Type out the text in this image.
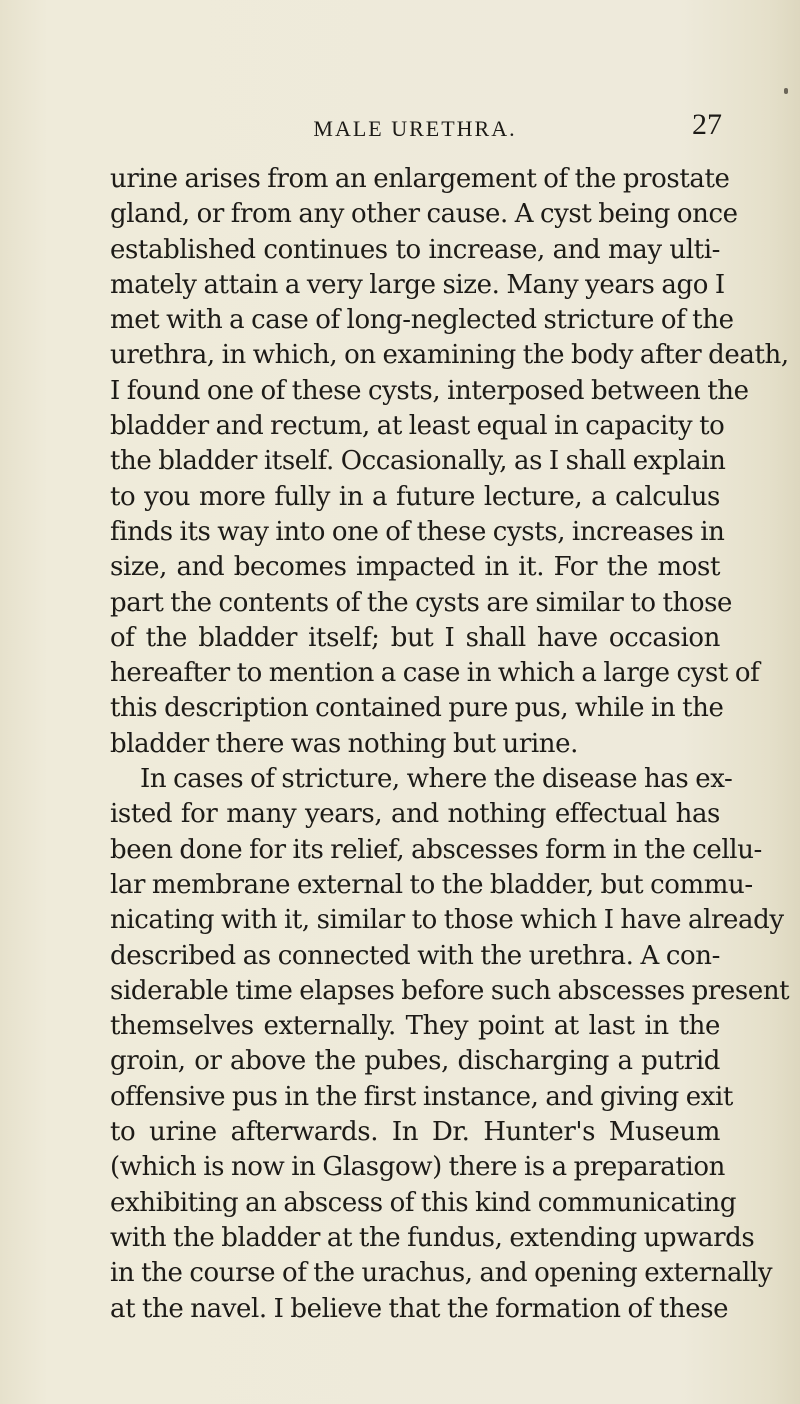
MALE URETHRA.	27
urine arises from an enlargement of the prostate
gland, or from any other cause. A cyst being once
established continues to increase, and may ulti-
mately attain a very large size. Many years ago I
met with a case of long-neglected stricture of the
urethra, in which, on examining the body after death,
I found one of these cysts, interposed between the
bladder and rectum, at least equal in capacity to
the bladder itself. Occasionally, as I shall explain
to you more fully in a future lecture, a calculus
finds its way into one of these cysts, increases in
size, and becomes impacted in it. For the most
part the contents of the cysts are similar to those
of the bladder itself; but I shall have occasion
hereafter to mention a case in which a large cyst of
this description contained pure pus, while in the
bladder there was nothing but urine.
In cases of stricture, where the disease has ex-
isted for many years, and nothing effectual has
been done for its relief, abscesses form in the cellu-
lar membrane external to the bladder, but commu-
nicating with it, similar to those which I have already
described as connected with the urethra. A con-
siderable time elapses before such abscesses present
themselves externally. They point at last in the
groin, or above the pubes, discharging a putrid
offensive pus in the first instance, and giving exit
to urine afterwards. In Dr. Hunter's Museum
(which is now in Glasgow) there is a preparation
exhibiting an abscess of this kind communicating
with the bladder at the fundus, extending upwards
in the course of the urachus, and opening externally
at the navel. I believe that the formation of these
